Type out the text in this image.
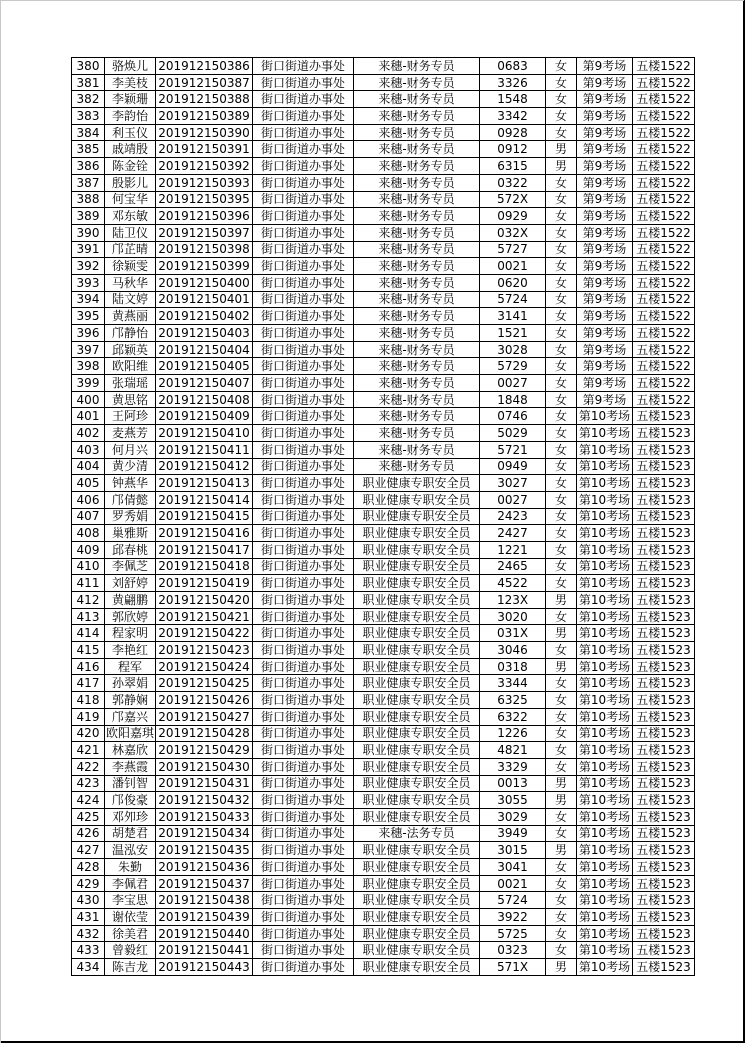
380	骆焕儿	201912150386	街口街道办事处	来穗-财务专员	0683	女	第9考场	五楼1522
381	李美枝	201912150387	街口街道办事处	来穗-财务专员	3326	女	第9考场	五楼1522
382	李颖珊	201912150388	街口街道办事处	来穗-财务专员	1548	女	第9考场	五楼1522
383	李韵怡	201912150389	街口街道办事处	来穗-财务专员	3342	女	第9考场	五楼1522
384	利玉仪	201912150390	街口街道办事处	来穗-财务专员	0928	女	第9考场	五楼1522
385	戚靖殷	201912150391	街口街道办事处	来穗-财务专员	0912	男	第9考场	五楼1522
386	陈金铨	201912150392	街口街道办事处	来穗-财务专员	6315	男	第9考场	五楼1522
387	殷影儿	201912150393	街口街道办事处	来穗-财务专员	0322	女	第9考场	五楼1522
388	何宝华	201912150395	街口街道办事处	来穗-财务专员	572X	女	第9考场	五楼1522
389	邓东敏	201912150396	街口街道办事处	来穗-财务专员	0929	女	第9考场	五楼1522
390	陆卫仪	201912150397	街口街道办事处	来穗-财务专员	032X	女	第9考场	五楼1522
391	邝芷晴	201912150398	街口街道办事处	来穗-财务专员	5727	女	第9考场	五楼1522
392	徐颖雯	201912150399	街口街道办事处	来穗-财务专员	0021	女	第9考场	五楼1522
393	马秋华	201912150400	街口街道办事处	来穗-财务专员	0620	女	第9考场	五楼1522
394	陆文婷	201912150401	街口街道办事处	来穗-财务专员	5724	女	第9考场	五楼1522
395	黄燕丽	201912150402	街口街道办事处	来穗-财务专员	3141	女	第9考场	五楼1522
396	邝静怡	201912150403	街口街道办事处	来穗-财务专员	1521	女	第9考场	五楼1522
397	邱颖英	201912150404	街口街道办事处	来穗-财务专员	3028	女	第9考场	五楼1522
398	欧阳维	201912150405	街口街道办事处	来穗-财务专员	5729	女	第9考场	五楼1522
399	张瑞瑶	201912150407	街口街道办事处	来穗-财务专员	0027	女	第9考场	五楼1522
400	黄思铭	201912150408	街口街道办事处	来穗-财务专员	1848	女	第9考场	五楼1522
401	王阿珍	201912150409	街口街道办事处	来穗-财务专员	0746	女	第10考场	五楼1523
402	麦燕芳	201912150410	街口街道办事处	来穗-财务专员	5029	女	第10考场	五楼1523
403	何月兴	201912150411	街口街道办事处	来穗-财务专员	5721	女	第10考场	五楼1523
404	黄少清	201912150412	街口街道办事处	来穗-财务专员	0949	女	第10考场	五楼1523
405	钟燕华	201912150413	街口街道办事处	职业健康专职安全员	3027	女	第10考场	五楼1523
406	邝倩懿	201912150414	街口街道办事处	职业健康专职安全员	0027	女	第10考场	五楼1523
407	罗秀娟	201912150415	街口街道办事处	职业健康专职安全员	2423	女	第10考场	五楼1523
408	巢雅斯	201912150416	街口街道办事处	职业健康专职安全员	2427	女	第10考场	五楼1523
409	邱春桃	201912150417	街口街道办事处	职业健康专职安全员	1221	女	第10考场	五楼1523
410	李佩芝	201912150418	街口街道办事处	职业健康专职安全员	2465	女	第10考场	五楼1523
411	刘舒婷	201912150419	街口街道办事处	职业健康专职安全员	4522	女	第10考场	五楼1523
412	黄翩鹏	201912150420	街口街道办事处	职业健康专职安全员	123X	男	第10考场	五楼1523
413	郭欣婷	201912150421	街口街道办事处	职业健康专职安全员	3020	女	第10考场	五楼1523
414	程家明	201912150422	街口街道办事处	职业健康专职安全员	031X	男	第10考场	五楼1523
415	李艳红	201912150423	街口街道办事处	职业健康专职安全员	3046	女	第10考场	五楼1523
416	程军	201912150424	街口街道办事处	职业健康专职安全员	0318	男	第10考场	五楼1523
417	孙翠娟	201912150425	街口街道办事处	职业健康专职安全员	3344	女	第10考场	五楼1523
418	郭静娴	201912150426	街口街道办事处	职业健康专职安全员	6325	女	第10考场	五楼1523
419	邝嘉兴	201912150427	街口街道办事处	职业健康专职安全员	6322	女	第10考场	五楼1523
420	欧阳嘉琪	201912150428	街口街道办事处	职业健康专职安全员	1226	女	第10考场	五楼1523
421	林嘉欣	201912150429	街口街道办事处	职业健康专职安全员	4821	女	第10考场	五楼1523
422	李燕霞	201912150430	街口街道办事处	职业健康专职安全员	3329	女	第10考场	五楼1523
423	潘钊智	201912150431	街口街道办事处	职业健康专职安全员	0013	男	第10考场	五楼1523
424	邝俊豪	201912150432	街口街道办事处	职业健康专职安全员	3055	男	第10考场	五楼1523
425	邓夘珍	201912150433	街口街道办事处	职业健康专职安全员	3029	女	第10考场	五楼1523
426	胡楚君	201912150434	街口街道办事处	来穗-法务专员	3949	女	第10考场	五楼1523
427	温泓安	201912150435	街口街道办事处	职业健康专职安全员	3015	男	第10考场	五楼1523
428	朱勤	201912150436	街口街道办事处	职业健康专职安全员	3041	女	第10考场	五楼1523
429	李佩君	201912150437	街口街道办事处	职业健康专职安全员	0021	女	第10考场	五楼1523
430	李宝思	201912150438	街口街道办事处	职业健康专职安全员	5724	女	第10考场	五楼1523
431	谢依莹	201912150439	街口街道办事处	职业健康专职安全员	3922	女	第10考场	五楼1523
432	徐美君	201912150440	街口街道办事处	职业健康专职安全员	5725	女	第10考场	五楼1523
433	曾毅红	201912150441	街口街道办事处	职业健康专职安全员	0323	女	第10考场	五楼1523
434	陈吉龙	201912150443	街口街道办事处	职业健康专职安全员	571X	男	第10考场	五楼1523
